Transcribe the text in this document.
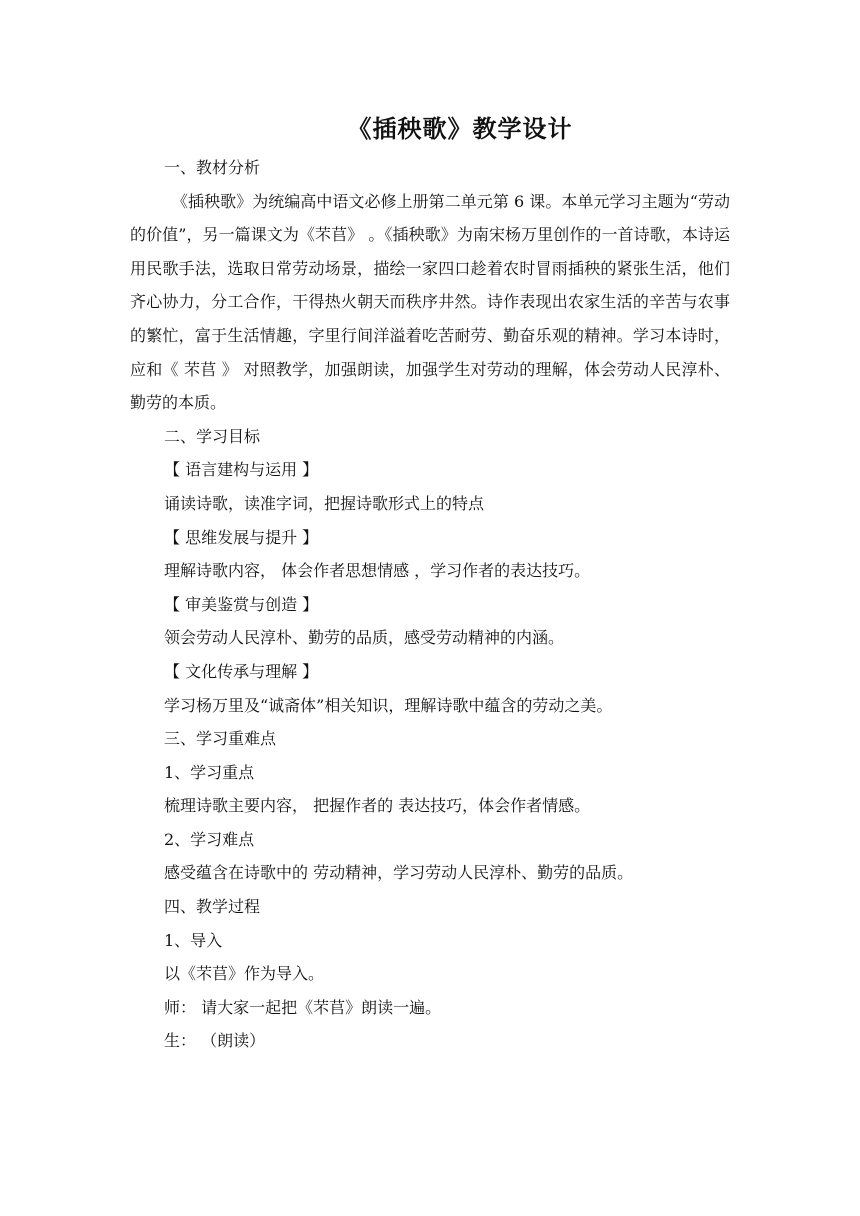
《插秧歌》教学设计

一、教材分析

《插秧歌》为统编高中语文必修上册第二单元第 6 课。本单元学习主题为“劳动的价值”，另一篇课文为《芣苢》 。《插秧歌》为南宋杨万里创作的一首诗歌，本诗运用民歌手法，选取日常劳动场景，描绘一家四口趁着农时冒雨插秧的紧张生活，他们齐心协力，分工合作，干得热火朝天而秩序井然。诗作表现出农家生活的辛苦与农事的繁忙，富于生活情趣，字里行间洋溢着吃苦耐劳、勤奋乐观的精神。学习本诗时，应和《 芣苢 》 对照教学，加强朗读，加强学生对劳动的理解，体会劳动人民淳朴、勤劳的本质。

二、学习目标

【 语言建构与运用 】

诵读诗歌，读准字词，把握诗歌形式上的特点

【 思维发展与提升 】

理解诗歌内容， 体会作者思想情感 ，学习作者的表达技巧。

【 审美鉴赏与创造 】

领会劳动人民淳朴、勤劳的品质，感受劳动精神的内涵。

【 文化传承与理解 】

学习杨万里及“诚斋体”相关知识，理解诗歌中蕴含的劳动之美。

三、学习重难点

1、学习重点

梳理诗歌主要内容， 把握作者的 表达技巧，体会作者情感。

2、学习难点

感受蕴含在诗歌中的 劳动精神，学习劳动人民淳朴、勤劳的品质。

四、教学过程

1、导入

以《芣苢》作为导入。

师： 请大家一起把《芣苢》朗读一遍。

生： （朗读）
